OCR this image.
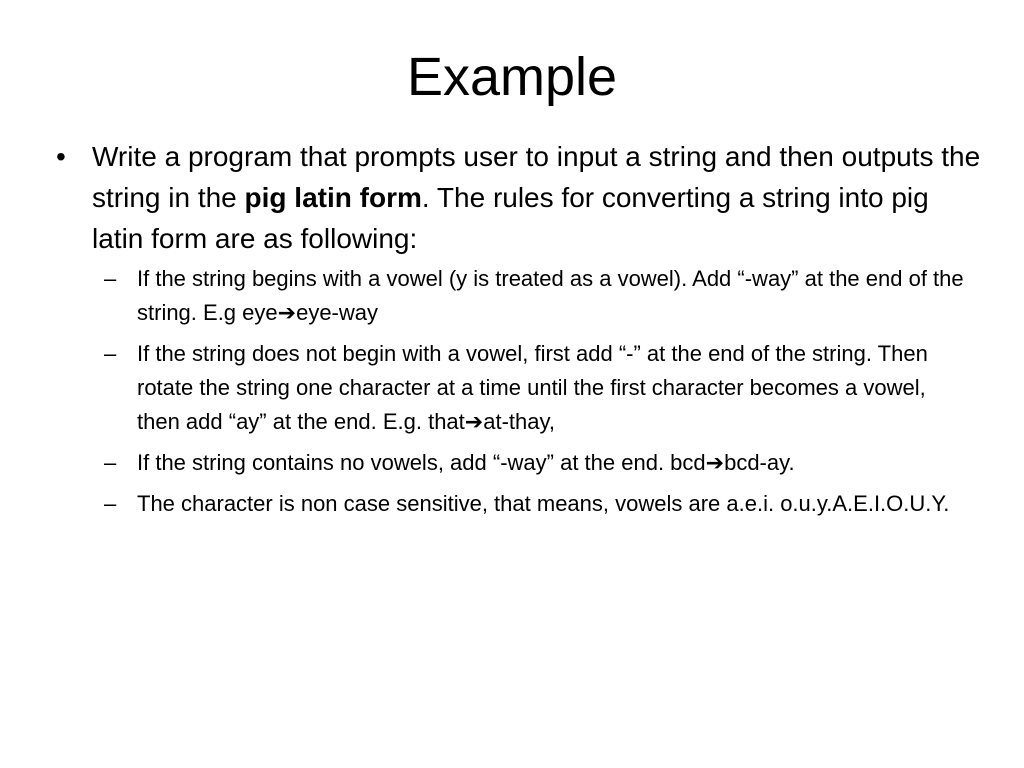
Example

• Write a program that prompts user to input a string and then outputs the string in the pig latin form. The rules for converting a string into pig latin form are as following:

– If the string begins with a vowel (y is treated as a vowel). Add “-way” at the end of the string. E.g eye➔eye-way

– If the string does not begin with a vowel, first add “-” at the end of the string. Then rotate the string one character at a time until the first character becomes a vowel, then add “ay” at the end. E.g. that➔at-thay,

– If the string contains no vowels, add “-way” at the end. bcd➔bcd-ay.

– The character is non case sensitive, that means, vowels are a.e.i. o.u.y.A.E.I.O.U.Y.
